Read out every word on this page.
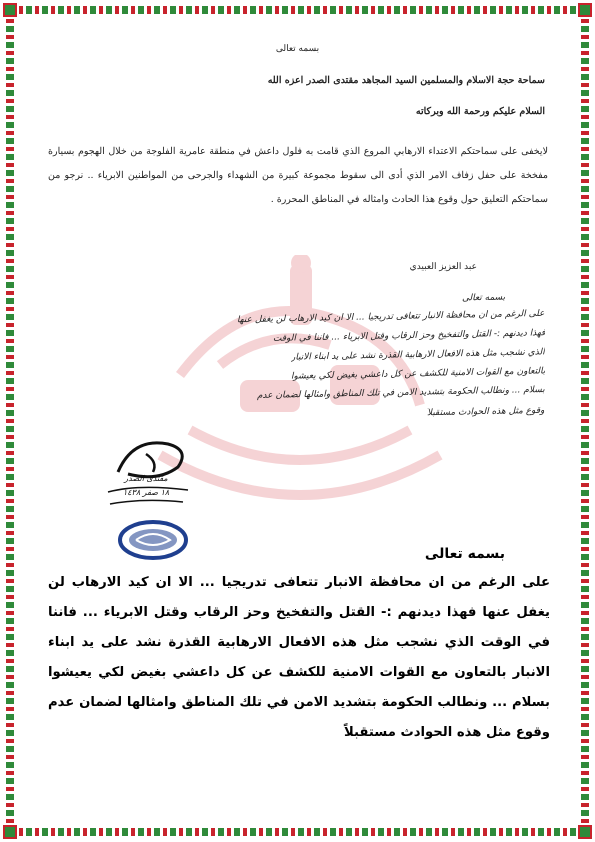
بسمه تعالى
سماحة حجة الاسلام والمسلمين السيد المجاهد مقتدى الصدر اعزه الله
السلام عليكم ورحمة الله وبركاته
لايخفى على سماحتكم الاعتداء الارهابي المروع الذي قامت به فلول داعش في منطقة عامرية الفلوجة من خلال الهجوم بسيارة مفخخة على حفل زفاف الامر الذي أدى الى سقوط مجموعة كبيرة من الشهداء والجرحى من المواطنين الابرياء .. نرجو من سماحتكم التعليق حول وقوع هذا الحادث وامثاله في المناطق المحررة .
عبد العزيز العبيدي
بسمه تعالى
على الرغم من ان محافظة الانبار تتعافى تدريجيا ... الا ان كيد الارهاب لن يغفل عنها
فهذا ديدنهم :- القتل والتفخيخ وحز الرقاب وقتل الابرياء ... فاننا في الوقت
الذي نشجب مثل هذه الافعال الارهابية القذرة نشد على يد ابناء الانبار
بالتعاون مع القوات الامنية للكشف عن كل داعشي بغيض لكي يعيشوا
بسلام ... ونطالب الحكومة بتشديد الامن في تلك المناطق وامثالها لضمان عدم
وقوع مثل هذه الحوادث مستقبلاً
مقتدى الصدر
١٨ صفر ١٤٣٨
بسمه تعالى
على الرغم من ان محافظة الانبار تتعافى تدريجيا ... الا ان كيد الارهاب لن يغفل عنها فهذا ديدنهم :- القتل والتفخيخ وحز الرقاب وقتل الابرياء ... فاننا في الوقت الذي نشجب مثل هذه الافعال الارهابية القذرة نشد على يد ابناء الانبار بالتعاون مع القوات الامنية للكشف عن كل داعشي بغيض لكي يعيشوا بسلام ... ونطالب الحكومة بتشديد الامن في تلك المناطق وامثالها لضمان عدم وقوع مثل هذه الحوادث مستقبلاً
